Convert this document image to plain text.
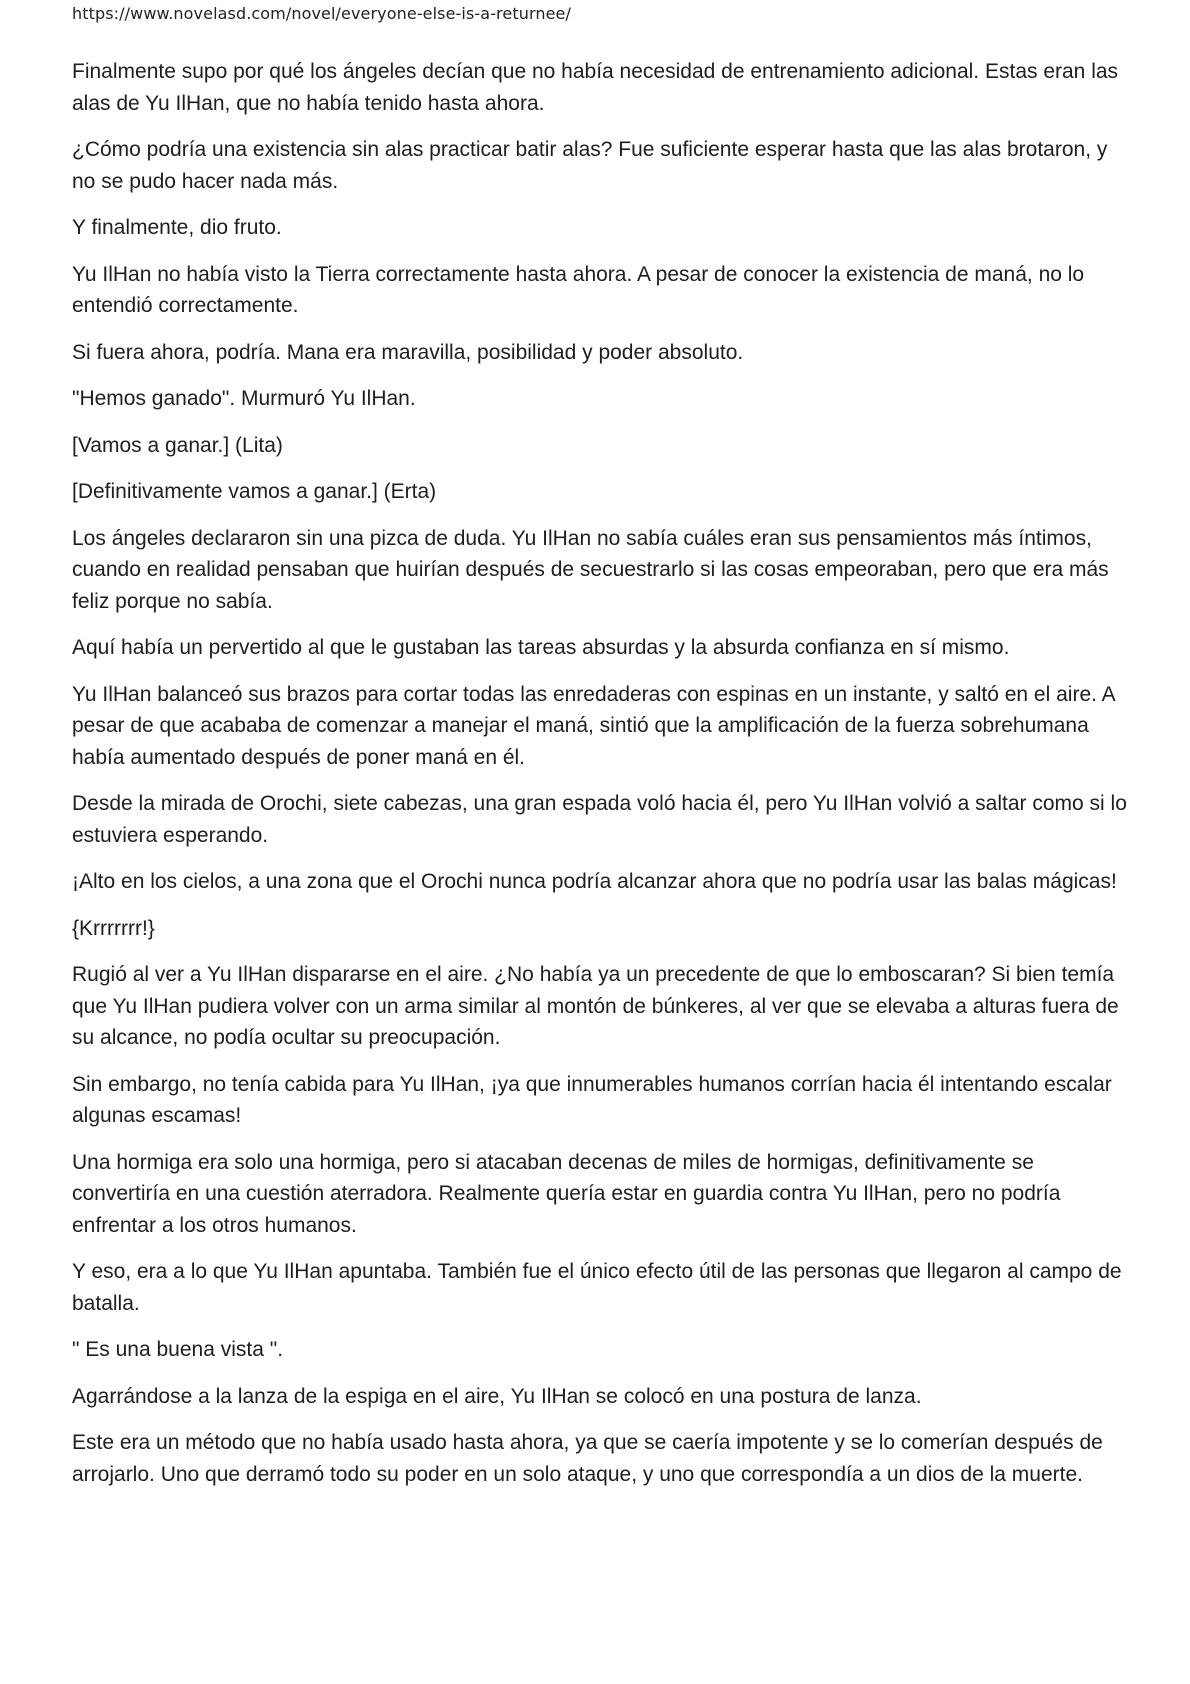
https://www.novelasd.com/novel/everyone-else-is-a-returnee/

Finalmente supo por qué los ángeles decían que no había necesidad de entrenamiento adicional. Estas eran las alas de Yu IlHan, que no había tenido hasta ahora.

¿Cómo podría una existencia sin alas practicar batir alas? Fue suficiente esperar hasta que las alas brotaron, y no se pudo hacer nada más.

Y finalmente, dio fruto.

Yu IlHan no había visto la Tierra correctamente hasta ahora. A pesar de conocer la existencia de maná, no lo entendió correctamente.

Si fuera ahora, podría. Mana era maravilla, posibilidad y poder absoluto.

"Hemos ganado". Murmuró Yu IlHan.

[Vamos a ganar.] (Lita)

[Definitivamente vamos a ganar.] (Erta)

Los ángeles declararon sin una pizca de duda. Yu IlHan no sabía cuáles eran sus pensamientos más íntimos, cuando en realidad pensaban que huirían después de secuestrarlo si las cosas empeoraban, pero que era más feliz porque no sabía.

Aquí había un pervertido al que le gustaban las tareas absurdas y la absurda confianza en sí mismo.

Yu IlHan balanceó sus brazos para cortar todas las enredaderas con espinas en un instante, y saltó en el aire. A pesar de que acababa de comenzar a manejar el maná, sintió que la amplificación de la fuerza sobrehumana había aumentado después de poner maná en él.

Desde la mirada de Orochi, siete cabezas, una gran espada voló hacia él, pero Yu IlHan volvió a saltar como si lo estuviera esperando.

¡Alto en los cielos, a una zona que el Orochi nunca podría alcanzar ahora que no podría usar las balas mágicas!

{Krrrrrrr!}

Rugió al ver a Yu IlHan dispararse en el aire. ¿No había ya un precedente de que lo emboscaran? Si bien temía que Yu IlHan pudiera volver con un arma similar al montón de búnkeres, al ver que se elevaba a alturas fuera de su alcance, no podía ocultar su preocupación.

Sin embargo, no tenía cabida para Yu IlHan, ¡ya que innumerables humanos corrían hacia él intentando escalar algunas escamas!

Una hormiga era solo una hormiga, pero si atacaban decenas de miles de hormigas, definitivamente se convertiría en una cuestión aterradora. Realmente quería estar en guardia contra Yu IlHan, pero no podría enfrentar a los otros humanos.

Y eso, era a lo que Yu IlHan apuntaba. También fue el único efecto útil de las personas que llegaron al campo de batalla.

" Es una buena vista ".

Agarrándose a la lanza de la espiga en el aire, Yu IlHan se colocó en una postura de lanza.

Este era un método que no había usado hasta ahora, ya que se caería impotente y se lo comerían después de arrojarlo. Uno que derramó todo su poder en un solo ataque, y uno que correspondía a un dios de la muerte.
